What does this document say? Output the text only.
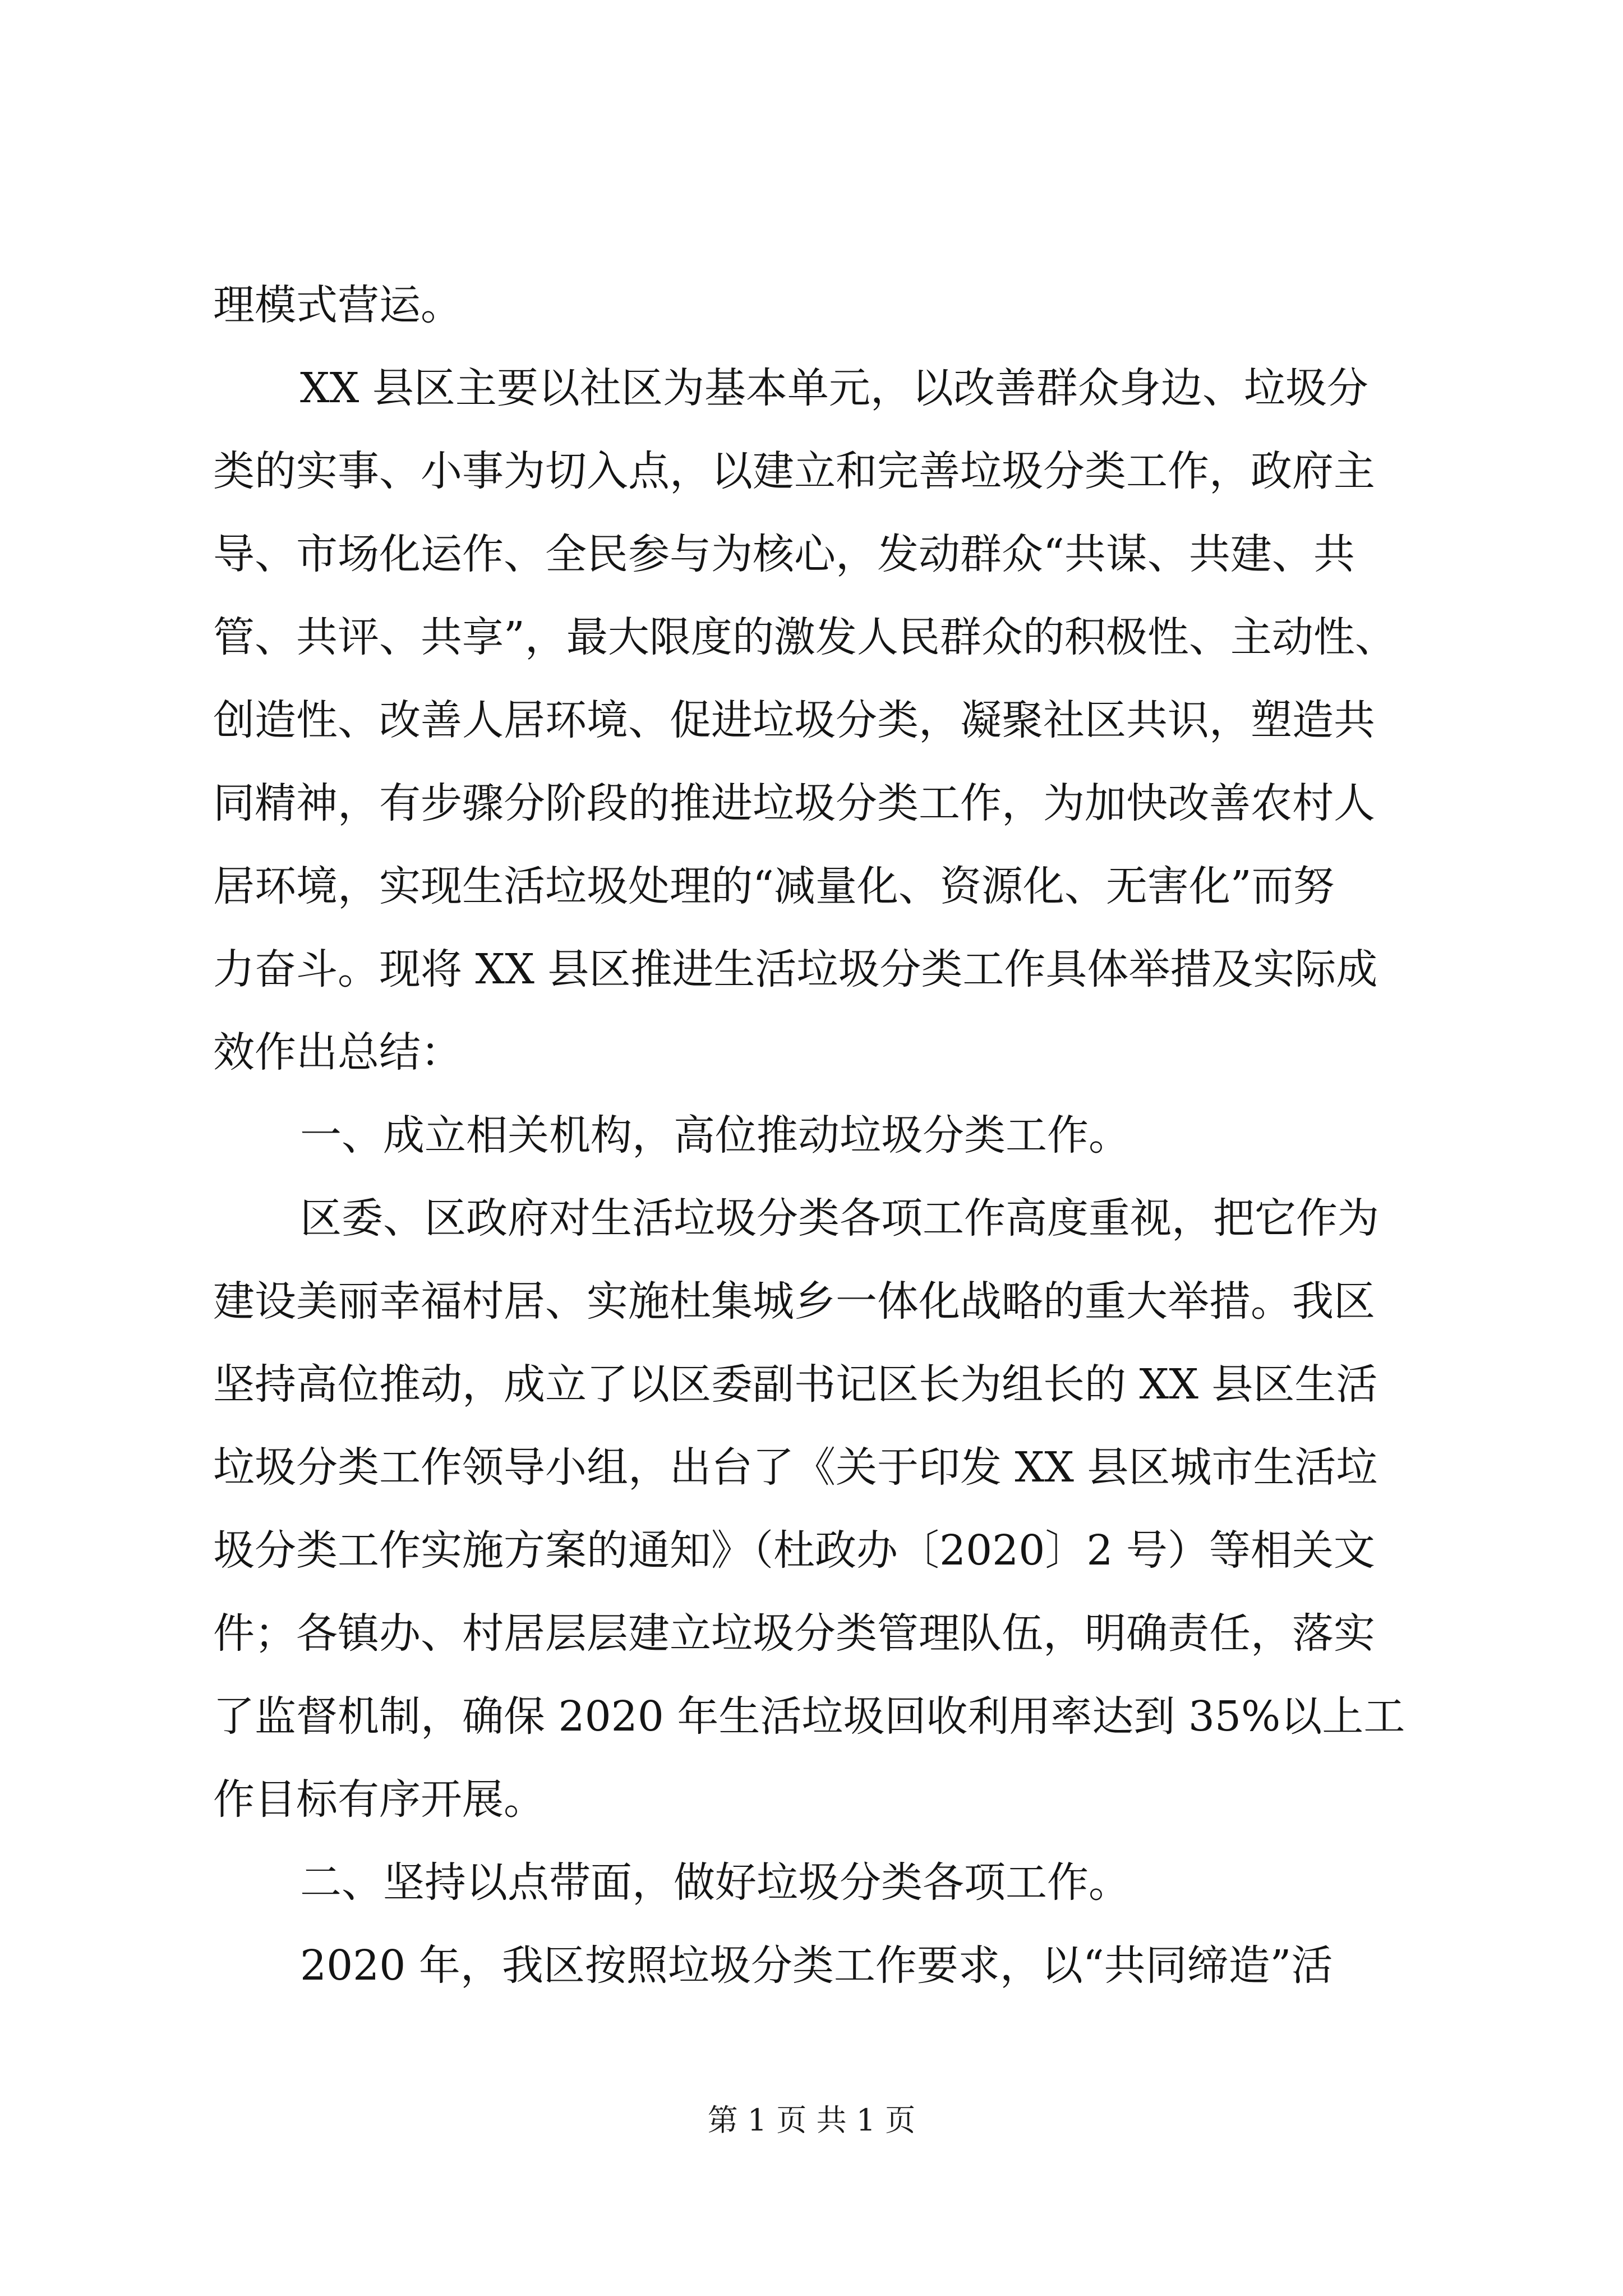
理模式营运。
XX 县区主要以社区为基本单元，以改善群众身边、垃圾分
类的实事、小事为切入点，以建立和完善垃圾分类工作，政府主
导、市场化运作、全民参与为核心，发动群众“共谋、共建、共
管、共评、共享”，最大限度的激发人民群众的积极性、主动性、
创造性、改善人居环境、促进垃圾分类，凝聚社区共识，塑造共
同精神，有步骤分阶段的推进垃圾分类工作，为加快改善农村人
居环境，实现生活垃圾处理的“减量化、资源化、无害化”而努
力奋斗。现将 XX 县区推进生活垃圾分类工作具体举措及实际成
效作出总结：
一、成立相关机构，高位推动垃圾分类工作。
区委、区政府对生活垃圾分类各项工作高度重视，把它作为
建设美丽幸福村居、实施杜集城乡一体化战略的重大举措。我区
坚持高位推动，成立了以区委副书记区长为组长的 XX 县区生活
垃圾分类工作领导小组，出台了《关于印发 XX 县区城市生活垃
圾分类工作实施方案的通知》（杜政办〔2020〕2 号）等相关文
件；各镇办、村居层层建立垃圾分类管理队伍，明确责任，落实
了监督机制，确保 2020 年生活垃圾回收利用率达到 35%以上工
作目标有序开展。
二、坚持以点带面，做好垃圾分类各项工作。
2020 年，我区按照垃圾分类工作要求，以“共同缔造”活
第 1 页 共 1 页
